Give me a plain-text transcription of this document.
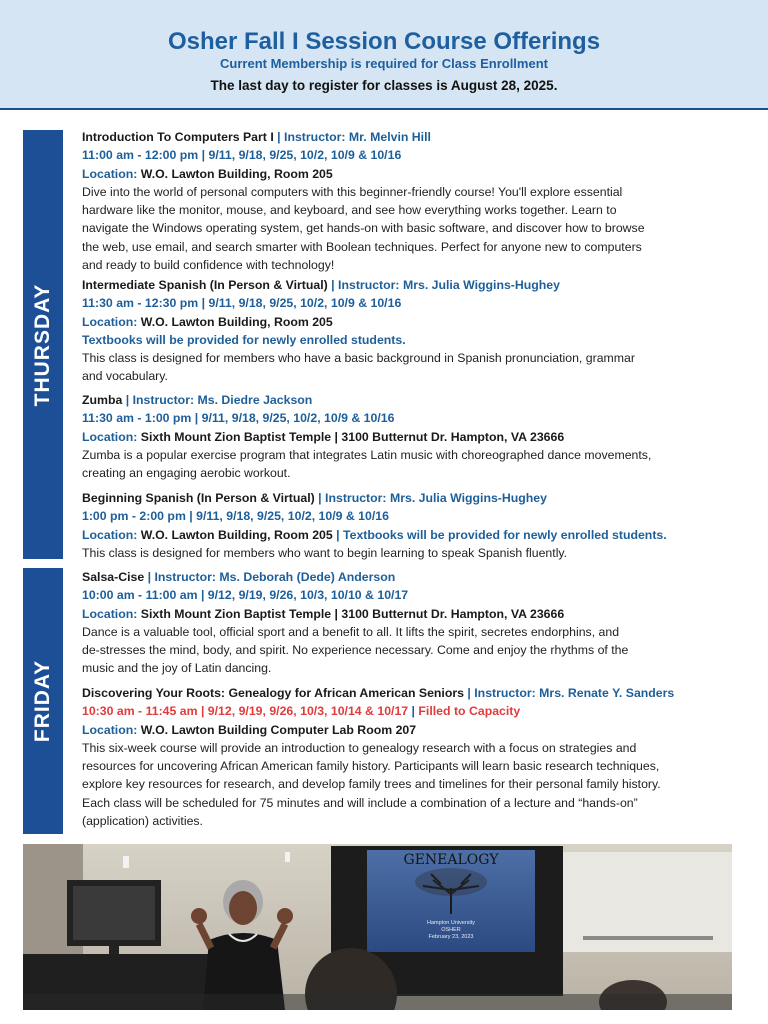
Osher Fall I Session Course Offerings
Current Membership is required for Class Enrollment
The last day to register for classes is August 28, 2025.
THURSDAY
FRIDAY
Introduction To Computers Part I | Instructor: Mr. Melvin Hill
11:00 am - 12:00 pm | 9/11, 9/18, 9/25, 10/2, 10/9 & 10/16
Location: W.O. Lawton Building, Room 205
Dive into the world of personal computers with this beginner-friendly course! You'll explore essential
hardware like the monitor, mouse, and keyboard, and see how everything works together. Learn to
navigate the Windows operating system, get hands-on with basic software, and discover how to browse
the web, use email, and search smarter with Boolean techniques. Perfect for anyone new to computers
and ready to build confidence with technology!
Intermediate Spanish (In Person & Virtual) | Instructor: Mrs. Julia Wiggins-Hughey
11:30 am - 12:30 pm | 9/11, 9/18, 9/25, 10/2, 10/9 & 10/16
Location: W.O. Lawton Building, Room 205
Textbooks will be provided for newly enrolled students.
This class is designed for members who have a basic background in Spanish pronunciation, grammar
and vocabulary.
Zumba | Instructor: Ms. Diedre Jackson
11:30 am - 1:00 pm | 9/11, 9/18, 9/25, 10/2, 10/9 & 10/16
Location: Sixth Mount Zion Baptist Temple | 3100 Butternut Dr. Hampton, VA 23666
Zumba is a popular exercise program that integrates Latin music with choreographed dance movements,
creating an engaging aerobic workout.
Beginning Spanish (In Person & Virtual) | Instructor: Mrs. Julia Wiggins-Hughey
1:00 pm - 2:00 pm | 9/11, 9/18, 9/25, 10/2, 10/9 & 10/16
Location: W.O. Lawton Building, Room 205 | Textbooks will be provided for newly enrolled students.
This class is designed for members who want to begin learning to speak Spanish fluently.
Salsa-Cise | Instructor: Ms. Deborah (Dede) Anderson
10:00 am - 11:00 am | 9/12, 9/19, 9/26, 10/3, 10/10 & 10/17
Location: Sixth Mount Zion Baptist Temple | 3100 Butternut Dr. Hampton, VA 23666
Dance is a valuable tool, official sport and a benefit to all. It lifts the spirit, secretes endorphins, and
de-stresses the mind, body, and spirit. No experience necessary. Come and enjoy the rhythms of the
music and the joy of Latin dancing.
Discovering Your Roots: Genealogy for African American Seniors | Instructor: Mrs. Renate Y. Sanders
10:30 am - 11:45 am | 9/12, 9/19, 9/26, 10/3, 10/14 & 10/17 | Filled to Capacity
Location: W.O. Lawton Building Computer Lab Room 207
This six-week course will provide an introduction to genealogy research with a focus on strategies and
resources for uncovering African American family history. Participants will learn basic research techniques,
explore key resources for research, and develop family trees and timelines for their personal family history.
Each class will be scheduled for 75 minutes and will include a combination of a lecture and “hands-on”
(application) activities.
GENEALOGY
Hampton University
OSHER
February 23, 2023
